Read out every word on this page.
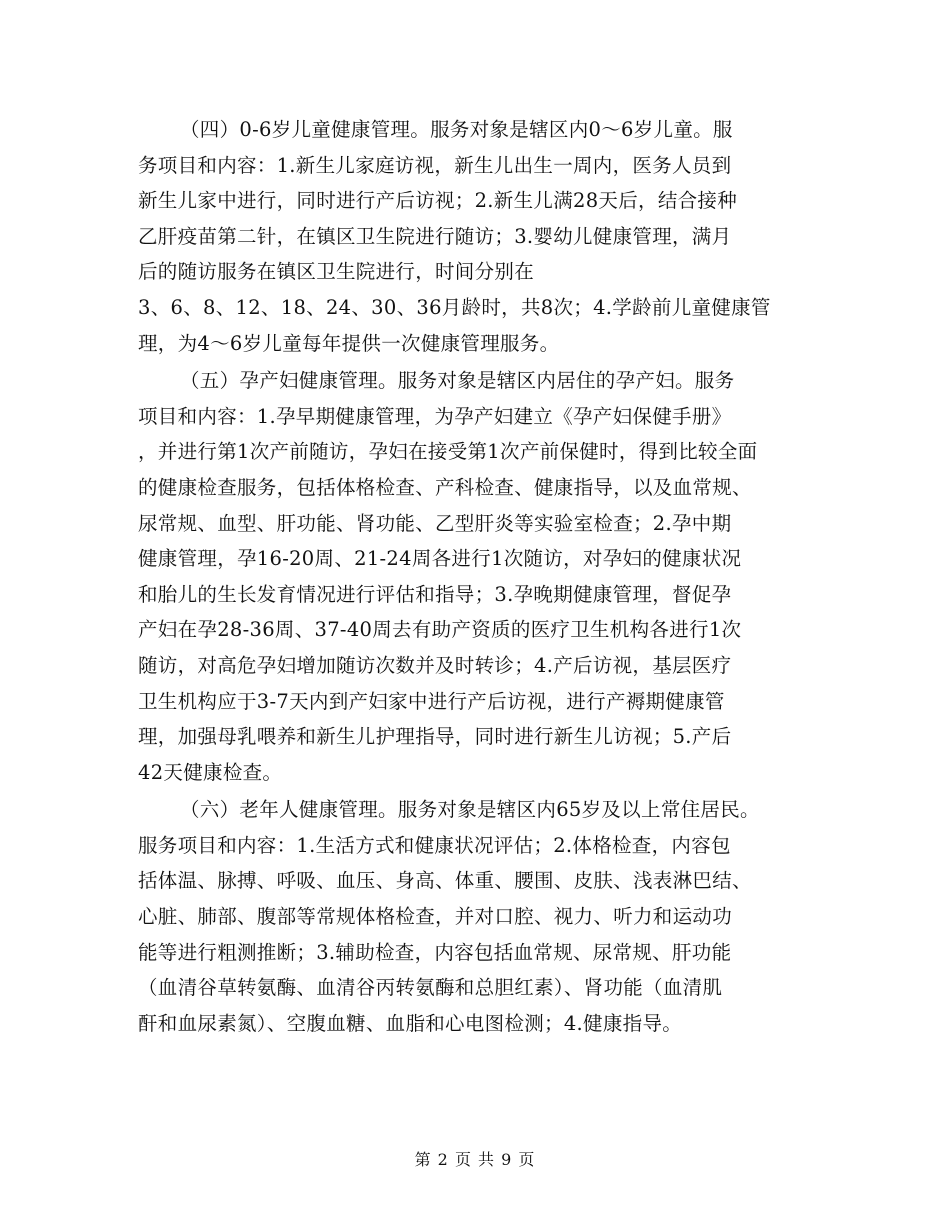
（四）0-6岁儿童健康管理。服务对象是辖区内0～6岁儿童。服
务项目和内容：1.新生儿家庭访视，新生儿出生一周内，医务人员到
新生儿家中进行，同时进行产后访视；2.新生儿满28天后，结合接种
乙肝疫苗第二针，在镇区卫生院进行随访；3.婴幼儿健康管理，满月
后的随访服务在镇区卫生院进行，时间分别在
3、6、8、12、18、24、30、36月龄时，共8次；4.学龄前儿童健康管
理，为4～6岁儿童每年提供一次健康管理服务。
（五）孕产妇健康管理。服务对象是辖区内居住的孕产妇。服务
项目和内容：1.孕早期健康管理，为孕产妇建立《孕产妇保健手册》
，并进行第1次产前随访，孕妇在接受第1次产前保健时，得到比较全面
的健康检查服务，包括体格检查、产科检查、健康指导，以及血常规、
尿常规、血型、肝功能、肾功能、乙型肝炎等实验室检查；2.孕中期
健康管理，孕16-20周、21-24周各进行1次随访，对孕妇的健康状况
和胎儿的生长发育情况进行评估和指导；3.孕晚期健康管理，督促孕
产妇在孕28-36周、37-40周去有助产资质的医疗卫生机构各进行1次
随访，对高危孕妇增加随访次数并及时转诊；4.产后访视，基层医疗
卫生机构应于3-7天内到产妇家中进行产后访视，进行产褥期健康管
理，加强母乳喂养和新生儿护理指导，同时进行新生儿访视；5.产后
42天健康检查。
（六）老年人健康管理。服务对象是辖区内65岁及以上常住居民。
服务项目和内容：1.生活方式和健康状况评估；2.体格检查，内容包
括体温、脉搏、呼吸、血压、身高、体重、腰围、皮肤、浅表淋巴结、
心脏、肺部、腹部等常规体格检查，并对口腔、视力、听力和运动功
能等进行粗测推断；3.辅助检查，内容包括血常规、尿常规、肝功能
（血清谷草转氨酶、血清谷丙转氨酶和总胆红素）、肾功能（血清肌
酐和血尿素氮）、空腹血糖、血脂和心电图检测；4.健康指导。
第 2 页 共 9 页
